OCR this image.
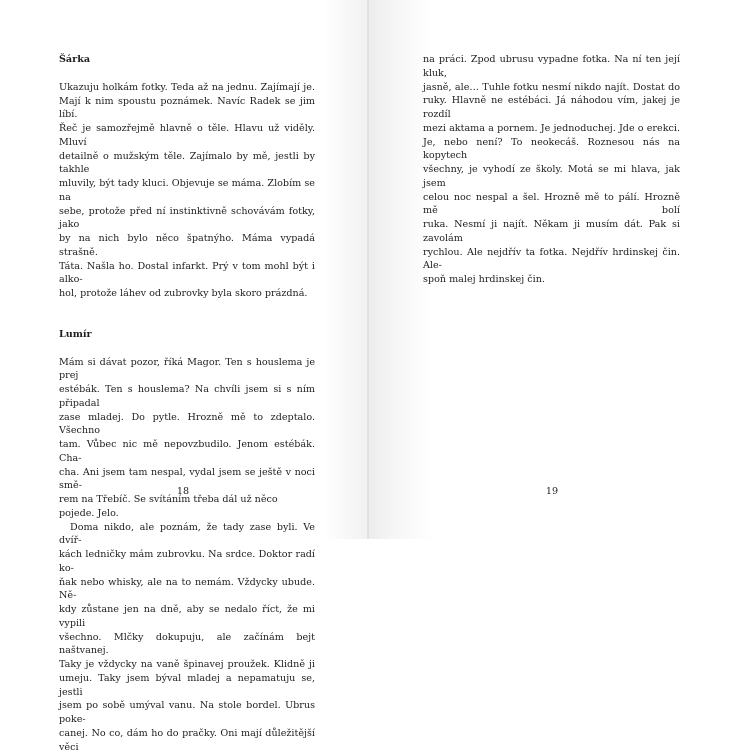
Šárka

Ukazuju holkám fotky. Teda až na jednu. Zajímají je.

Mají k nim spoustu poznámek. Navíc Radek se jim líbí.

Řeč je samozřejmě hlavně o těle. Hlavu už viděly. Mluví

detailně o mužským těle. Zajímalo by mě, jestli by takhle

mluvily, být tady kluci. Objevuje se máma. Zlobím se na

sebe, protože před ní instinktivně schovávám fotky, jako

by na nich bylo něco špatnýho. Máma vypadá strašně.

Táta. Našla ho. Dostal infarkt. Prý v tom mohl být i alko-

hol, protože láhev od zubrovky byla skoro prázdná.

Lumír

Mám si dávat pozor, říká Magor. Ten s houslema je prej

estébák. Ten s houslema? Na chvíli jsem si s ním připadal

zase mladej. Do pytle. Hrozně mě to zdeptalo. Všechno

tam. Vůbec nic mě nepovzbudilo. Jenom estébák. Cha-

cha. Ani jsem tam nespal, vydal jsem se ještě v noci smě-

rem na Třebíč. Se svítáním třeba dál už něco pojede. Jelo.

Doma nikdo, ale poznám, že tady zase byli. Ve dvíř-

kách ledničky mám zubrovku. Na srdce. Doktor radí ko-

ňak nebo whisky, ale na to nemám. Vždycky ubude. Ně-

kdy zůstane jen na dně, aby se nedalo říct, že mi vypili

všechno. Mlčky dokupuju, ale začínám bejt naštvanej.

Taky je vždycky na vaně špinavej proužek. Klidně ji

umeju. Taky jsem býval mladej a nepamatuju se, jestli

jsem po sobě umýval vanu. Na stole bordel. Ubrus poke-

canej. No co, dám ho do pračky. Oni mají důležitější věci

na práci. Zpod ubrusu vypadne fotka. Na ní ten její kluk,

jasně, ale… Tuhle fotku nesmí nikdo najít. Dostat do

ruky. Hlavně ne estébáci. Já náhodou vím, jakej je rozdíl

mezi aktama a pornem. Je jednoduchej. Jde o erekci.

Je, nebo není? To neokecáš. Roznesou nás na kopytech

všechny, je vyhodí ze školy. Motá se mi hlava, jak jsem

celou noc nespal a šel. Hrozně mě to pálí. Hrozně mě bolí

ruka. Nesmí ji najít. Někam ji musím dát. Pak si zavolám

rychlou. Ale nejdřív ta fotka. Nejdřív hrdinskej čin. Ale-

spoň malej hrdinskej čin.

18	19
